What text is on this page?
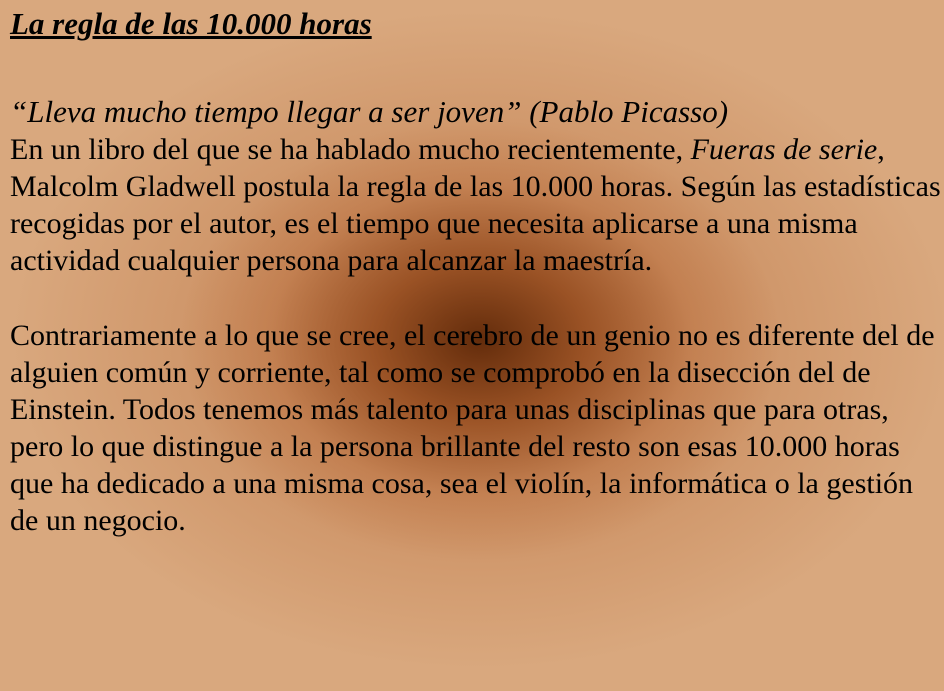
La regla de las 10.000 horas

“Lleva mucho tiempo llegar a ser joven” (Pablo Picasso)

En un libro del que se ha hablado mucho recientemente, Fueras de serie, Malcolm Gladwell postula la regla de las 10.000 horas. Según las estadísticas recogidas por el autor, es el tiempo que necesita aplicarse a una misma actividad cualquier persona para alcanzar la maestría.

Contrariamente a lo que se cree, el cerebro de un genio no es diferente del de alguien común y corriente, tal como se comprobó en la disección del de Einstein. Todos tenemos más talento para unas disciplinas que para otras, pero lo que distingue a la persona brillante del resto son esas 10.000 horas que ha dedicado a una misma cosa, sea el violín, la informática o la gestión de un negocio.
